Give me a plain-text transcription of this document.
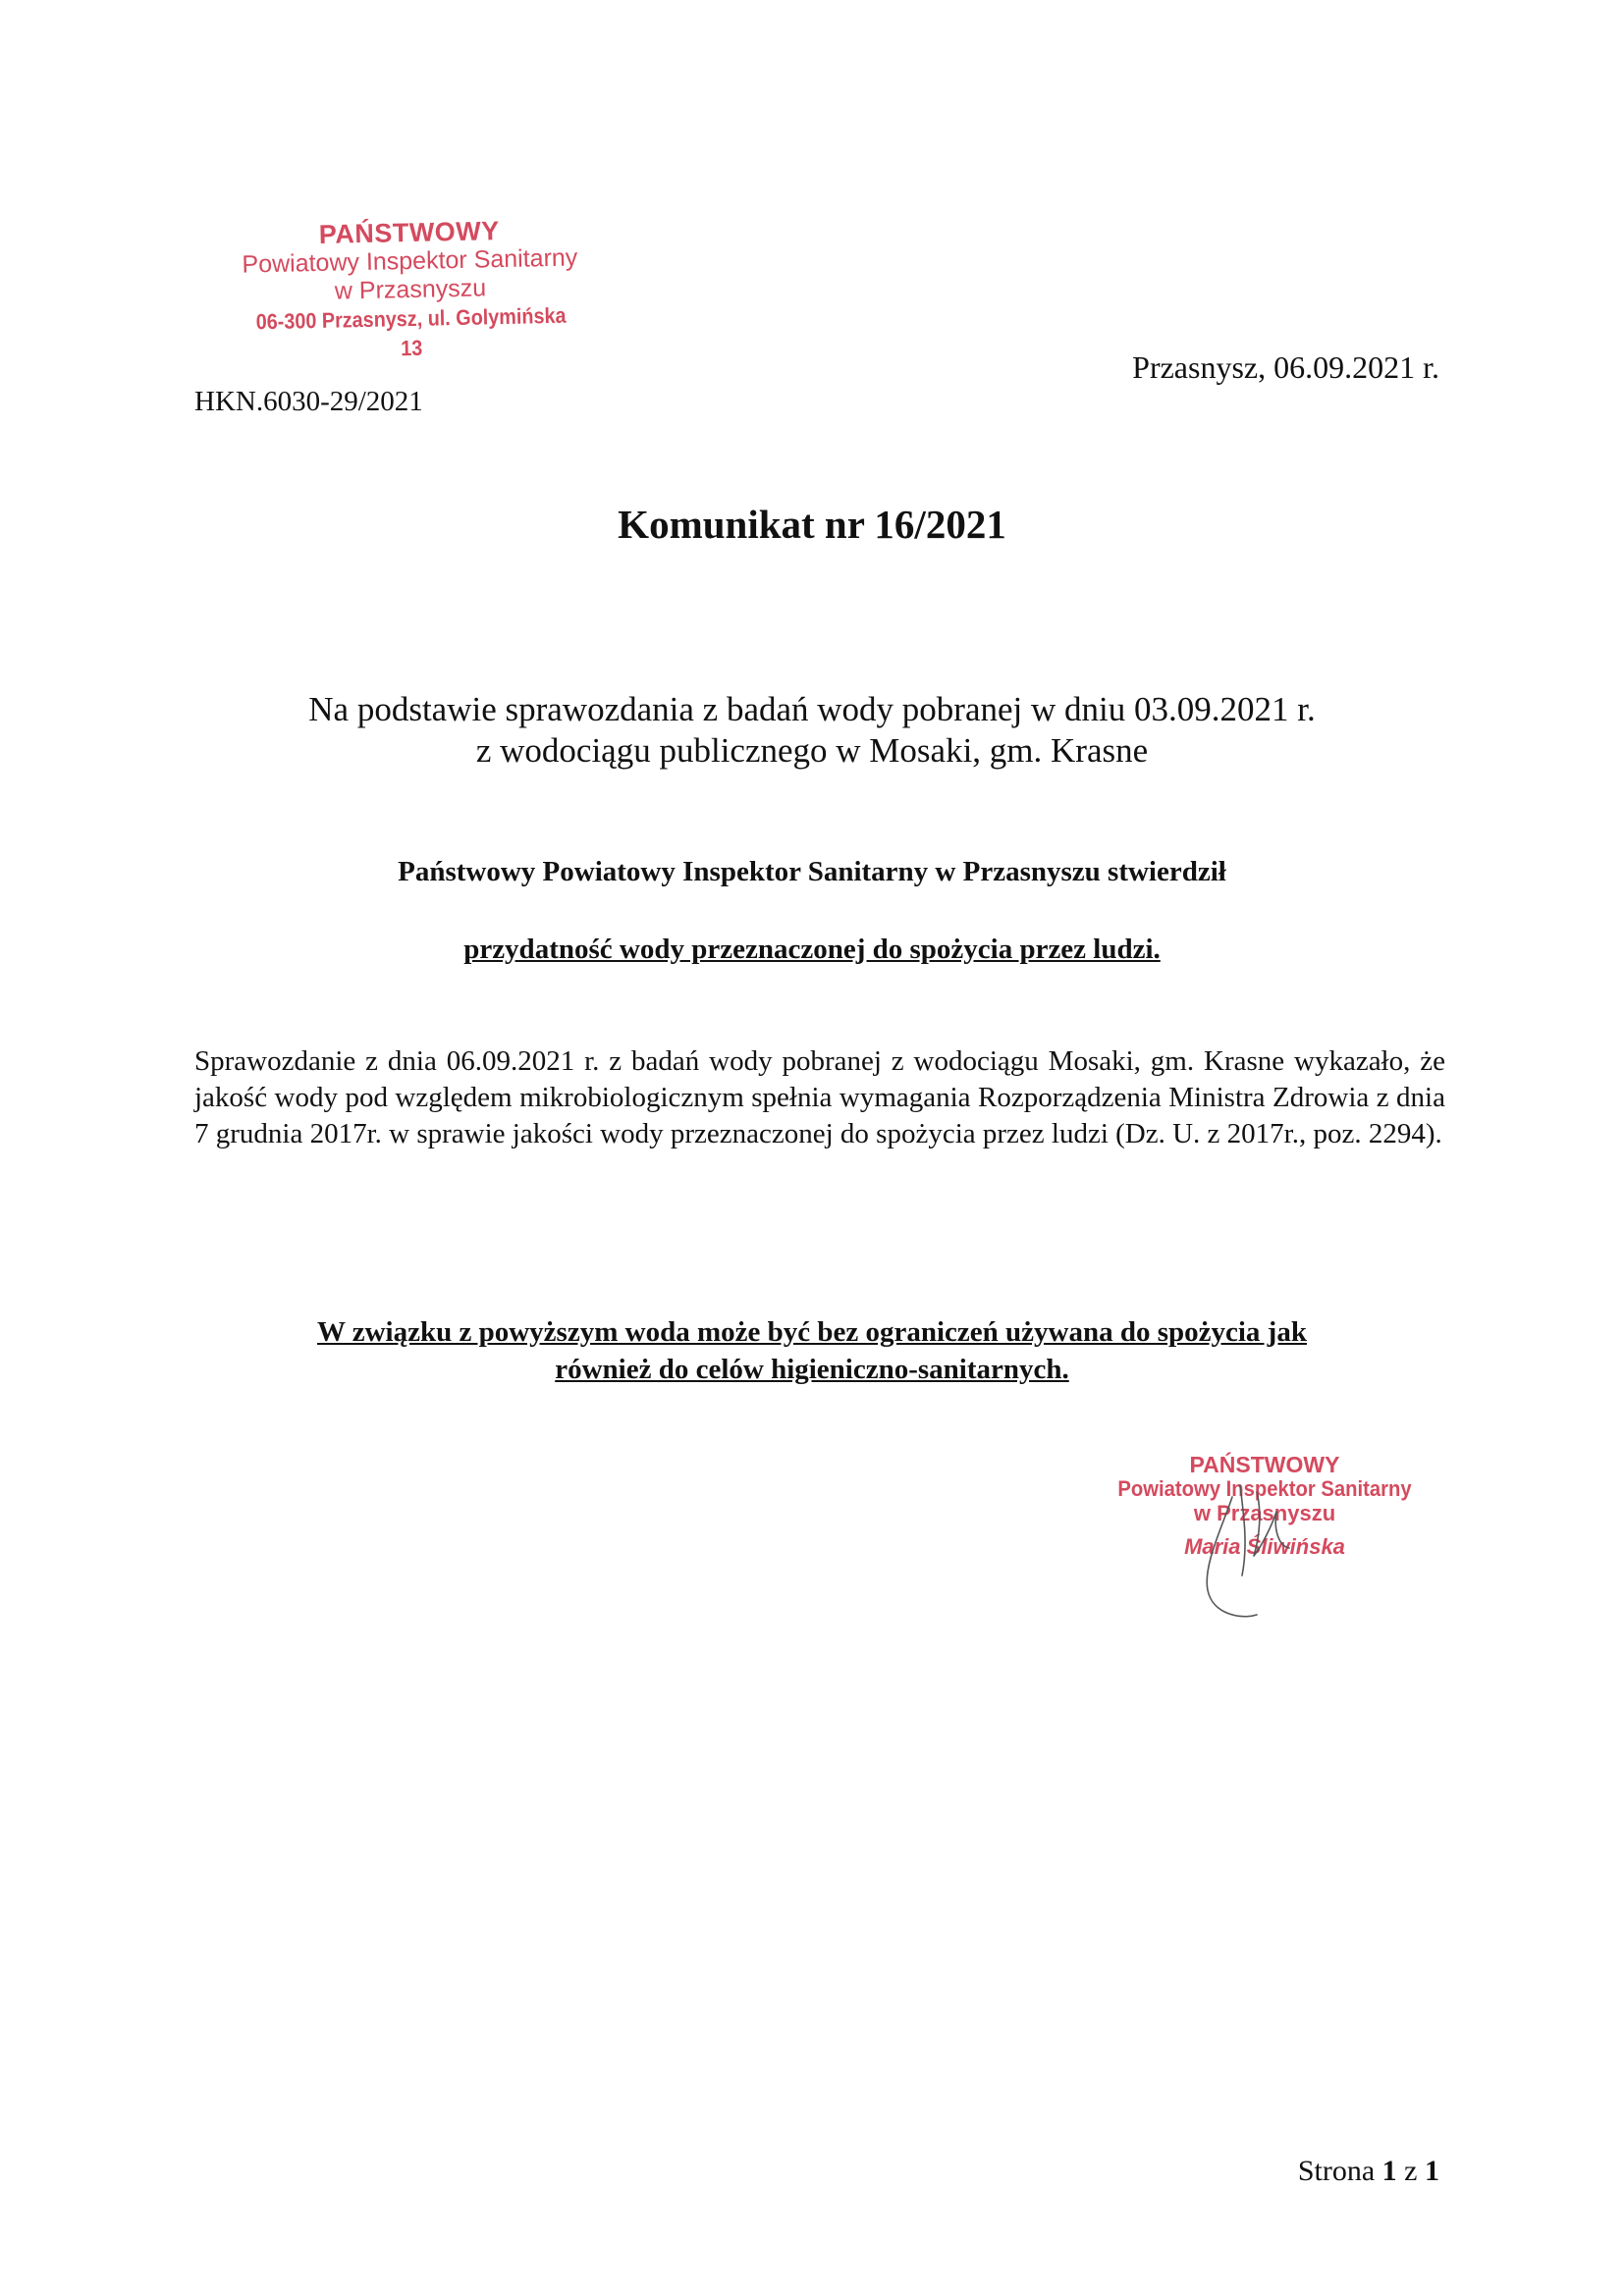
PAŃSTWOWY
Powiatowy Inspektor Sanitarny
w Przasnyszu
06-300 Przasnysz, ul. Golymińska 13
Przasnysz, 06.09.2021 r.
HKN.6030-29/2021
Komunikat nr 16/2021
Na podstawie sprawozdania z badań wody pobranej w dniu 03.09.2021 r.
z wodociągu publicznego w Mosaki, gm. Krasne
Państwowy Powiatowy Inspektor Sanitarny w Przasnyszu stwierdził
przydatność wody przeznaczonej do spożycia przez ludzi.
Sprawozdanie z dnia 06.09.2021 r. z badań wody pobranej z wodociągu Mosaki, gm. Krasne wykazało, że jakość wody pod względem mikrobiologicznym spełnia wymagania Rozporządzenia Ministra Zdrowia z dnia 7 grudnia 2017r. w sprawie jakości wody przeznaczonej do spożycia przez ludzi (Dz. U. z 2017r., poz. 2294).
W związku z powyższym woda może być bez ograniczeń używana do spożycia jak
również do celów higieniczno-sanitarnych.
PAŃSTWOWY
Powiatowy Inspektor Sanitarny
w Przasnyszu
Maria Śliwińska
Strona 1 z 1
